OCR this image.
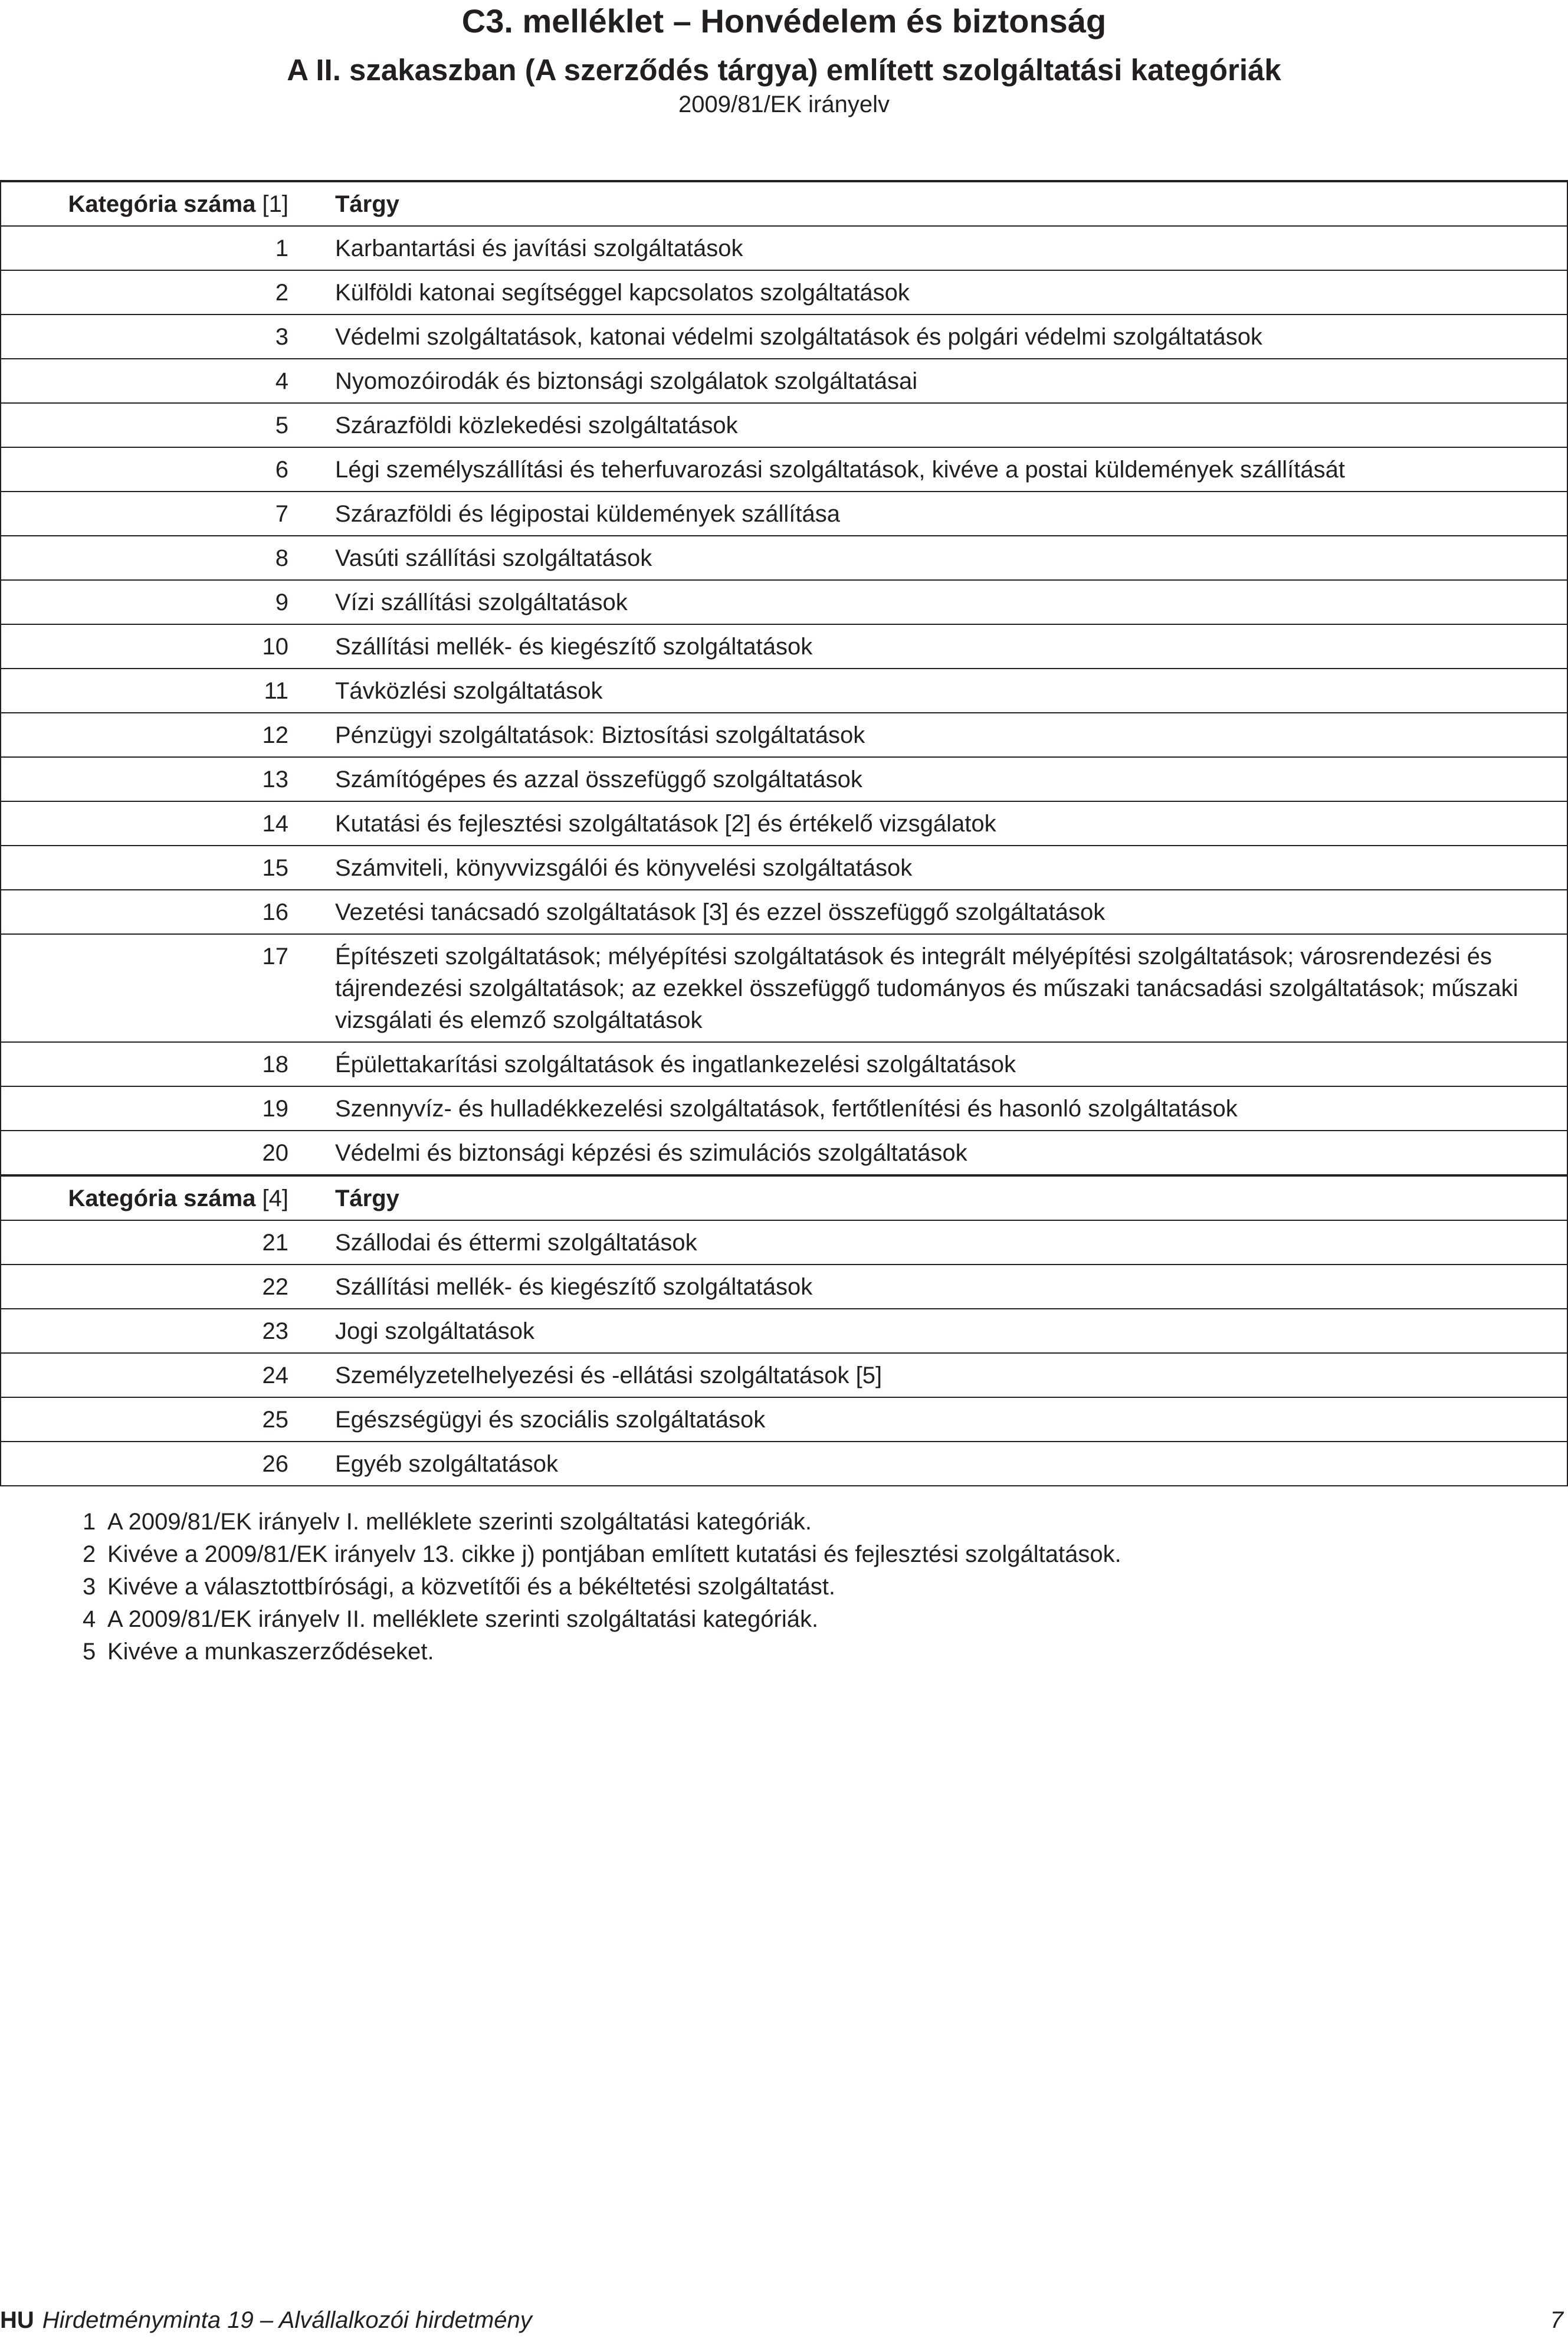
C3. melléklet – Honvédelem és biztonság
A II. szakaszban (A szerződés tárgya) említett szolgáltatási kategóriák
2009/81/EK irányelv
Kategória száma [1]	Tárgy
1	Karbantartási és javítási szolgáltatások
2	Külföldi katonai segítséggel kapcsolatos szolgáltatások
3	Védelmi szolgáltatások, katonai védelmi szolgáltatások és polgári védelmi szolgáltatások
4	Nyomozóirodák és biztonsági szolgálatok szolgáltatásai
5	Szárazföldi közlekedési szolgáltatások
6	Légi személyszállítási és teherfuvarozási szolgáltatások, kivéve a postai küldemények szállítását
7	Szárazföldi és légipostai küldemények szállítása
8	Vasúti szállítási szolgáltatások
9	Vízi szállítási szolgáltatások
10	Szállítási mellék- és kiegészítő szolgáltatások
11	Távközlési szolgáltatások
12	Pénzügyi szolgáltatások: Biztosítási szolgáltatások
13	Számítógépes és azzal összefüggő szolgáltatások
14	Kutatási és fejlesztési szolgáltatások [2] és értékelő vizsgálatok
15	Számviteli, könyvvizsgálói és könyvelési szolgáltatások
16	Vezetési tanácsadó szolgáltatások [3] és ezzel összefüggő szolgáltatások
17	Építészeti szolgáltatások; mélyépítési szolgáltatások és integrált mélyépítési szolgáltatások; városrendezési és tájrendezési szolgáltatások; az ezekkel összefüggő tudományos és műszaki tanácsadási szolgáltatások; műszaki vizsgálati és elemző szolgáltatások
18	Épülettakarítási szolgáltatások és ingatlankezelési szolgáltatások
19	Szennyvíz- és hulladékkezelési szolgáltatások, fertőtlenítési és hasonló szolgáltatások
20	Védelmi és biztonsági képzési és szimulációs szolgáltatások
Kategória száma [4]	Tárgy
21	Szállodai és éttermi szolgáltatások
22	Szállítási mellék- és kiegészítő szolgáltatások
23	Jogi szolgáltatások
24	Személyzetelhelyezési és -ellátási szolgáltatások [5]
25	Egészségügyi és szociális szolgáltatások
26	Egyéb szolgáltatások
1 A 2009/81/EK irányelv I. melléklete szerinti szolgáltatási kategóriák.
2 Kivéve a 2009/81/EK irányelv 13. cikke j) pontjában említett kutatási és fejlesztési szolgáltatások.
3 Kivéve a választottbírósági, a közvetítői és a békéltetési szolgáltatást.
4 A 2009/81/EK irányelv II. melléklete szerinti szolgáltatási kategóriák.
5 Kivéve a munkaszerződéseket.
HU Hirdetményminta 19 – Alvállalkozói hirdetmény	7
